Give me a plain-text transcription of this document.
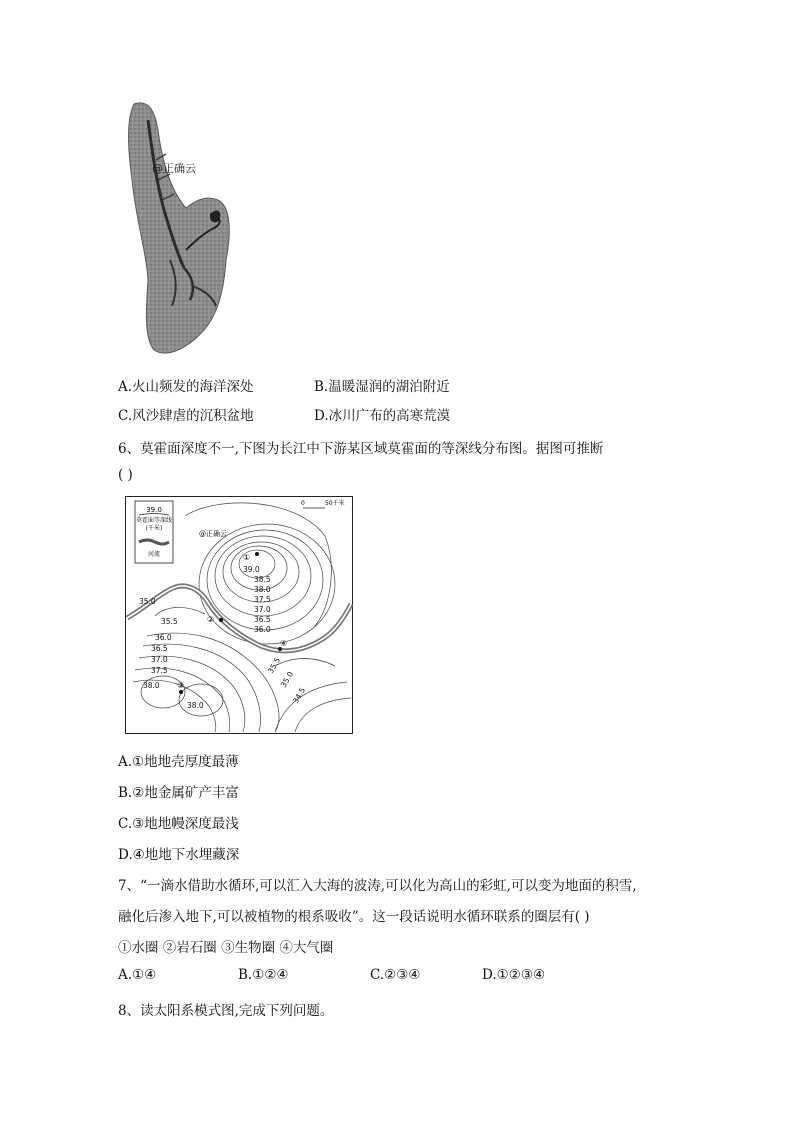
@正确云
A.火山频发的海洋深处	B.温暖湿润的湖泊附近
C.风沙肆虐的沉积盆地	D.冰川广布的高寒荒漠
6、莫霍面深度不一,下图为长江中下游某区域莫霍面的等深线分布图。据图可推断
( )
39.0
莫霍面等深线
(千米)
河流
0	50千米
@正确云
39.0
38.5
38.0
37.5
37.0
36.5
36.0
35.0
35.5
36.0
36.5
37.0
37.5
38.0
38.0
35.5
35.0
34.5
①
②
③
④
A.①地地壳厚度最薄
B.②地金属矿产丰富
C.③地地幔深度最浅
D.④地地下水埋藏深
7、“一滴水借助水循环,可以汇入大海的波涛,可以化为高山的彩虹,可以变为地面的积雪,
融化后渗入地下,可以被植物的根系吸收”。这一段话说明水循环联系的圈层有( )
①水圈 ②岩石圈 ③生物圈 ④大气圈
A.①④	B.①②④	C.②③④	D.①②③④
8、读太阳系模式图,完成下列问题。
